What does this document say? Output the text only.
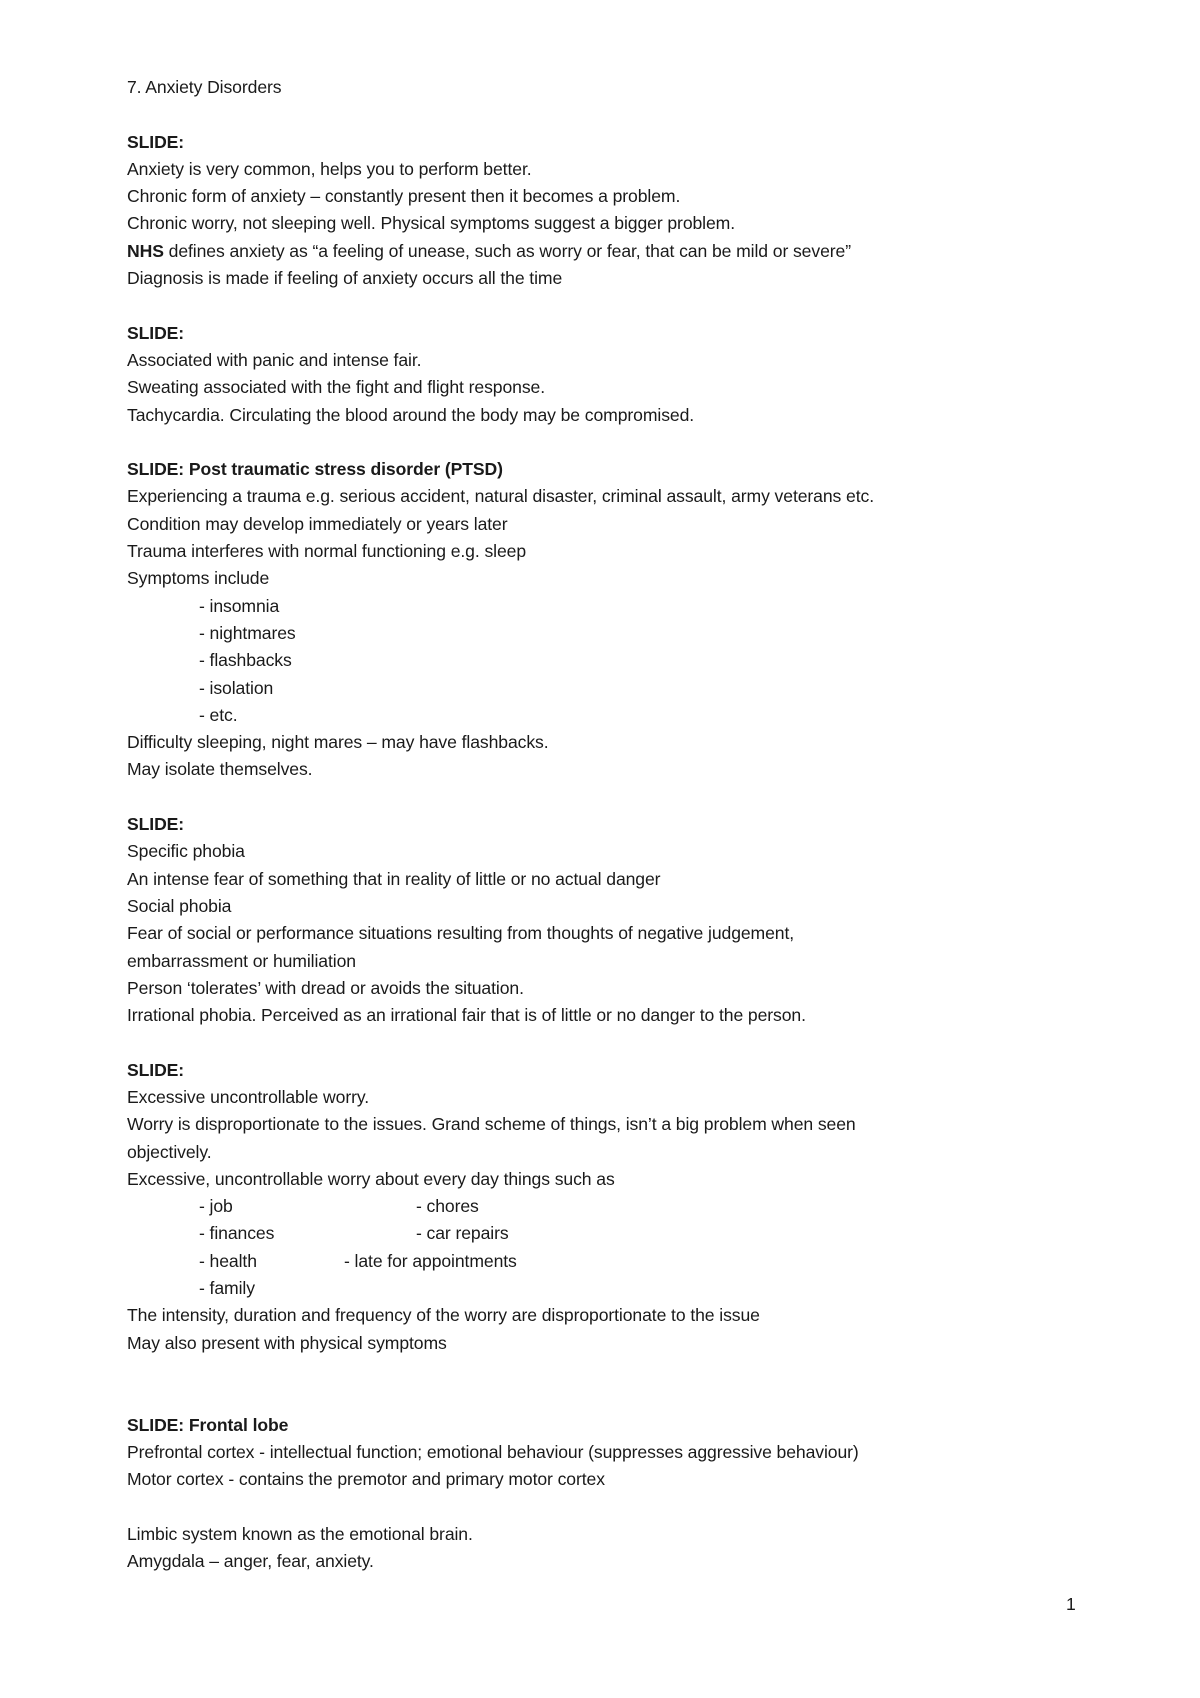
7. Anxiety Disorders
SLIDE:
Anxiety is very common, helps you to perform better.
Chronic form of anxiety – constantly present then it becomes a problem.
Chronic worry, not sleeping well. Physical symptoms suggest a bigger problem.
NHS defines anxiety as “a feeling of unease, such as worry or fear, that can be mild or severe”
Diagnosis is made if feeling of anxiety occurs all the time
SLIDE:
Associated with panic and intense fair.
Sweating associated with the fight and flight response.
Tachycardia. Circulating the blood around the body may be compromised.
SLIDE: Post traumatic stress disorder (PTSD)
Experiencing a trauma e.g. serious accident, natural disaster, criminal assault, army veterans etc.
Condition may develop immediately or years later
Trauma interferes with normal functioning e.g. sleep
Symptoms include
- insomnia
- nightmares
- flashbacks
- isolation
- etc.
Difficulty sleeping, night mares – may have flashbacks.
May isolate themselves.
SLIDE:
Specific phobia
An intense fear of something that in reality of little or no actual danger
Social phobia
Fear of social or performance situations resulting from thoughts of negative judgement,
embarrassment or humiliation
Person ‘tolerates’ with dread or avoids the situation.
Irrational phobia. Perceived as an irrational fair that is of little or no danger to the person.
SLIDE:
Excessive uncontrollable worry.
Worry is disproportionate to the issues. Grand scheme of things, isn’t a big problem when seen
objectively.
Excessive, uncontrollable worry about every day things such as
- job	- chores
- finances	- car repairs
- health	- late for appointments
- family
The intensity, duration and frequency of the worry are disproportionate to the issue
May also present with physical symptoms
SLIDE: Frontal lobe
Prefrontal cortex - intellectual function; emotional behaviour (suppresses aggressive behaviour)
Motor cortex - contains the premotor and primary motor cortex
Limbic system known as the emotional brain.
Amygdala – anger, fear, anxiety.
1
